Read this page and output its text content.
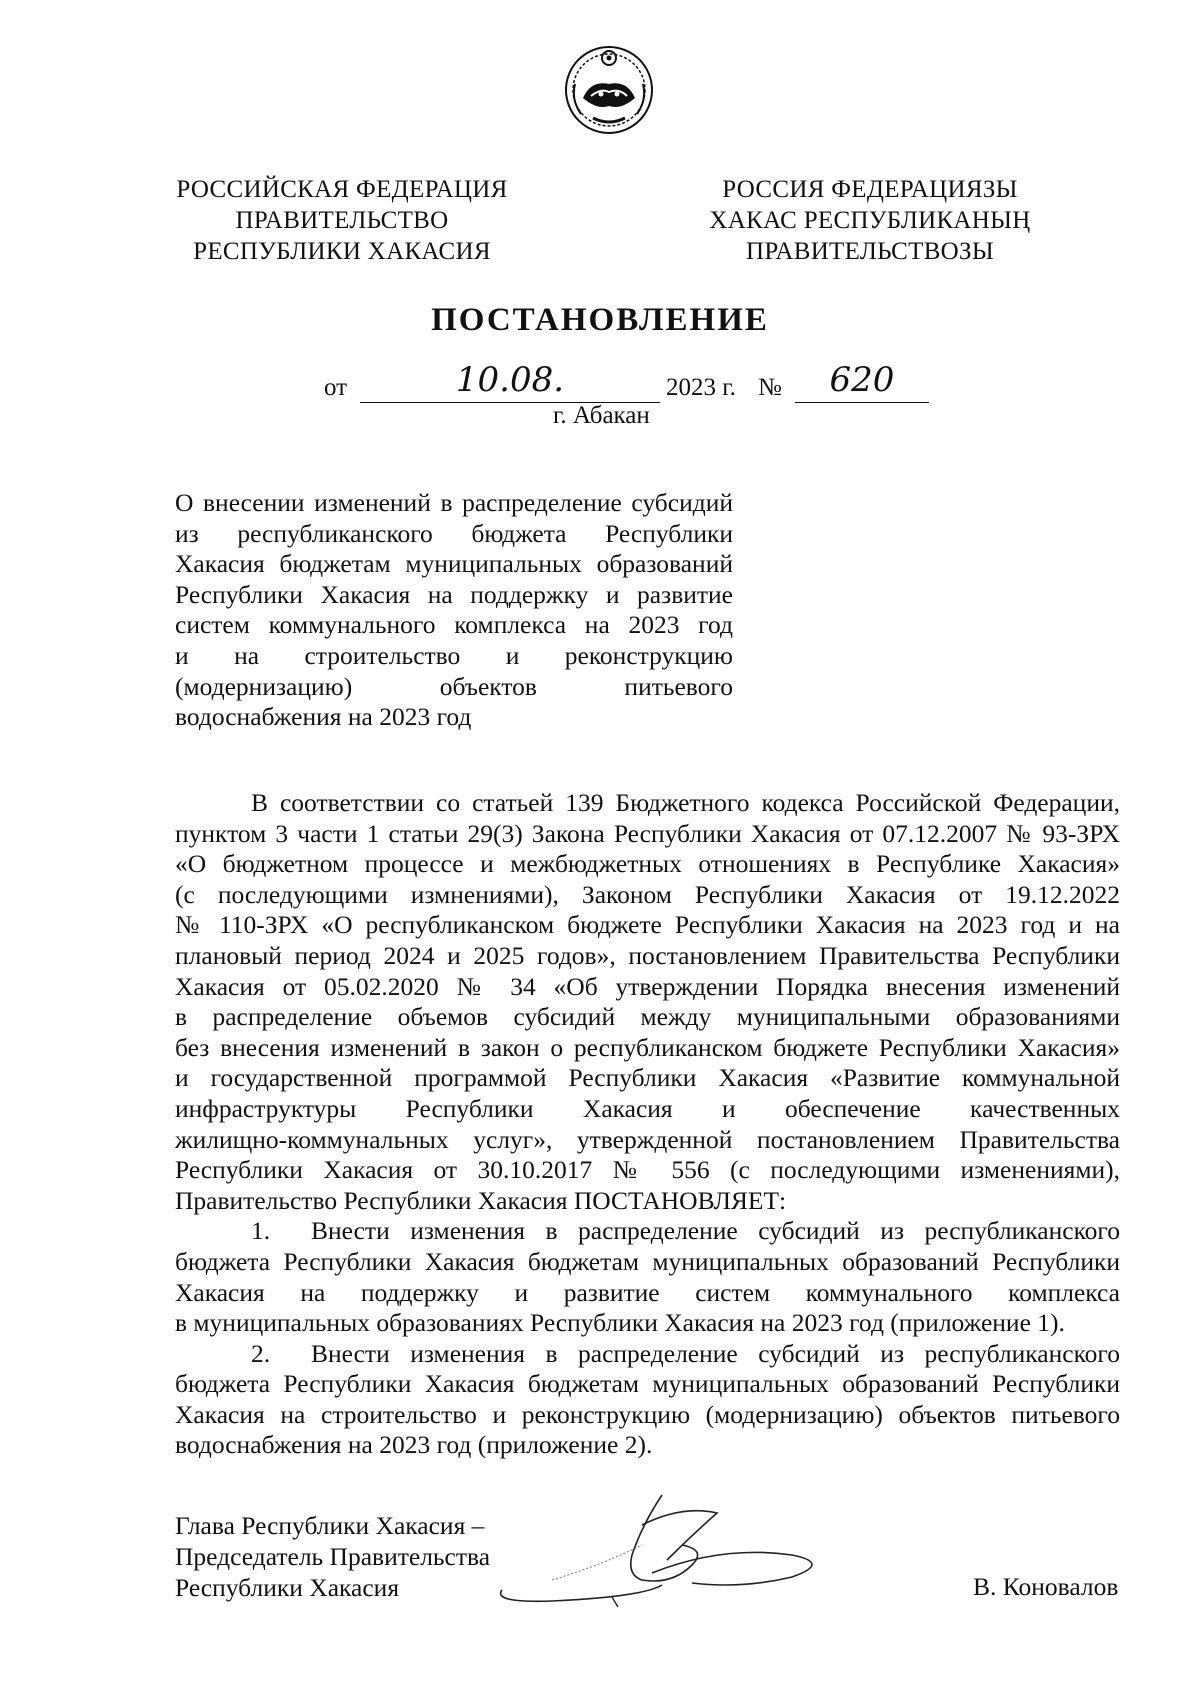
РОССИЙСКАЯ ФЕДЕРАЦИЯ
ПРАВИТЕЛЬСТВО
РЕСПУБЛИКИ ХАКАСИЯ
РОССИЯ ФЕДЕРАЦИЯЗЫ
ХАКАС РЕСПУБЛИКАНЫҢ
ПРАВИТЕЛЬСТВОЗЫ
ПОСТАНОВЛЕНИЕ
от	10.08.	2023 г. №	620
г. Абакан
О внесении изменений в распределение субсидий
из республиканского бюджета Республики
Хакасия бюджетам муниципальных образований
Республики Хакасия на поддержку и развитие
систем коммунального комплекса на 2023 год
и на строительство и реконструкцию
(модернизацию) объектов питьевого
водоснабжения на 2023 год
В соответствии со статьей 139 Бюджетного кодекса Российской Федерации,
пунктом 3 части 1 статьи 29(3) Закона Республики Хакасия от 07.12.2007 № 93-ЗРХ
«О бюджетном процессе и межбюджетных отношениях в Республике Хакасия»
(с последующими измнениями), Законом Республики Хакасия от 19.12.2022
№ 110-ЗРХ «О республиканском бюджете Республики Хакасия на 2023 год и на
плановый период 2024 и 2025 годов», постановлением Правительства Республики
Хакасия от 05.02.2020 № 34 «Об утверждении Порядка внесения изменений
в распределение объемов субсидий между муниципальными образованиями
без внесения изменений в закон о республиканском бюджете Республики Хакасия»
и государственной программой Республики Хакасия «Развитие коммунальной
инфраструктуры Республики Хакасия и обеспечение качественных
жилищно-коммунальных услуг», утвержденной постановлением Правительства
Республики Хакасия от 30.10.2017 № 556 (с последующими изменениями),
Правительство Республики Хакасия ПОСТАНОВЛЯЕТ:
1.	Внести изменения в распределение субсидий из республиканского
бюджета Республики Хакасия бюджетам муниципальных образований Республики
Хакасия на поддержку и развитие систем коммунального комплекса
в муниципальных образованиях Республики Хакасия на 2023 год (приложение 1).
2.	Внести изменения в распределение субсидий из республиканского
бюджета Республики Хакасия бюджетам муниципальных образований Республики
Хакасия на строительство и реконструкцию (модернизацию) объектов питьевого
водоснабжения на 2023 год (приложение 2).
Глава Республики Хакасия –
Председатель Правительства
Республики Хакасия	В. Коновалов
